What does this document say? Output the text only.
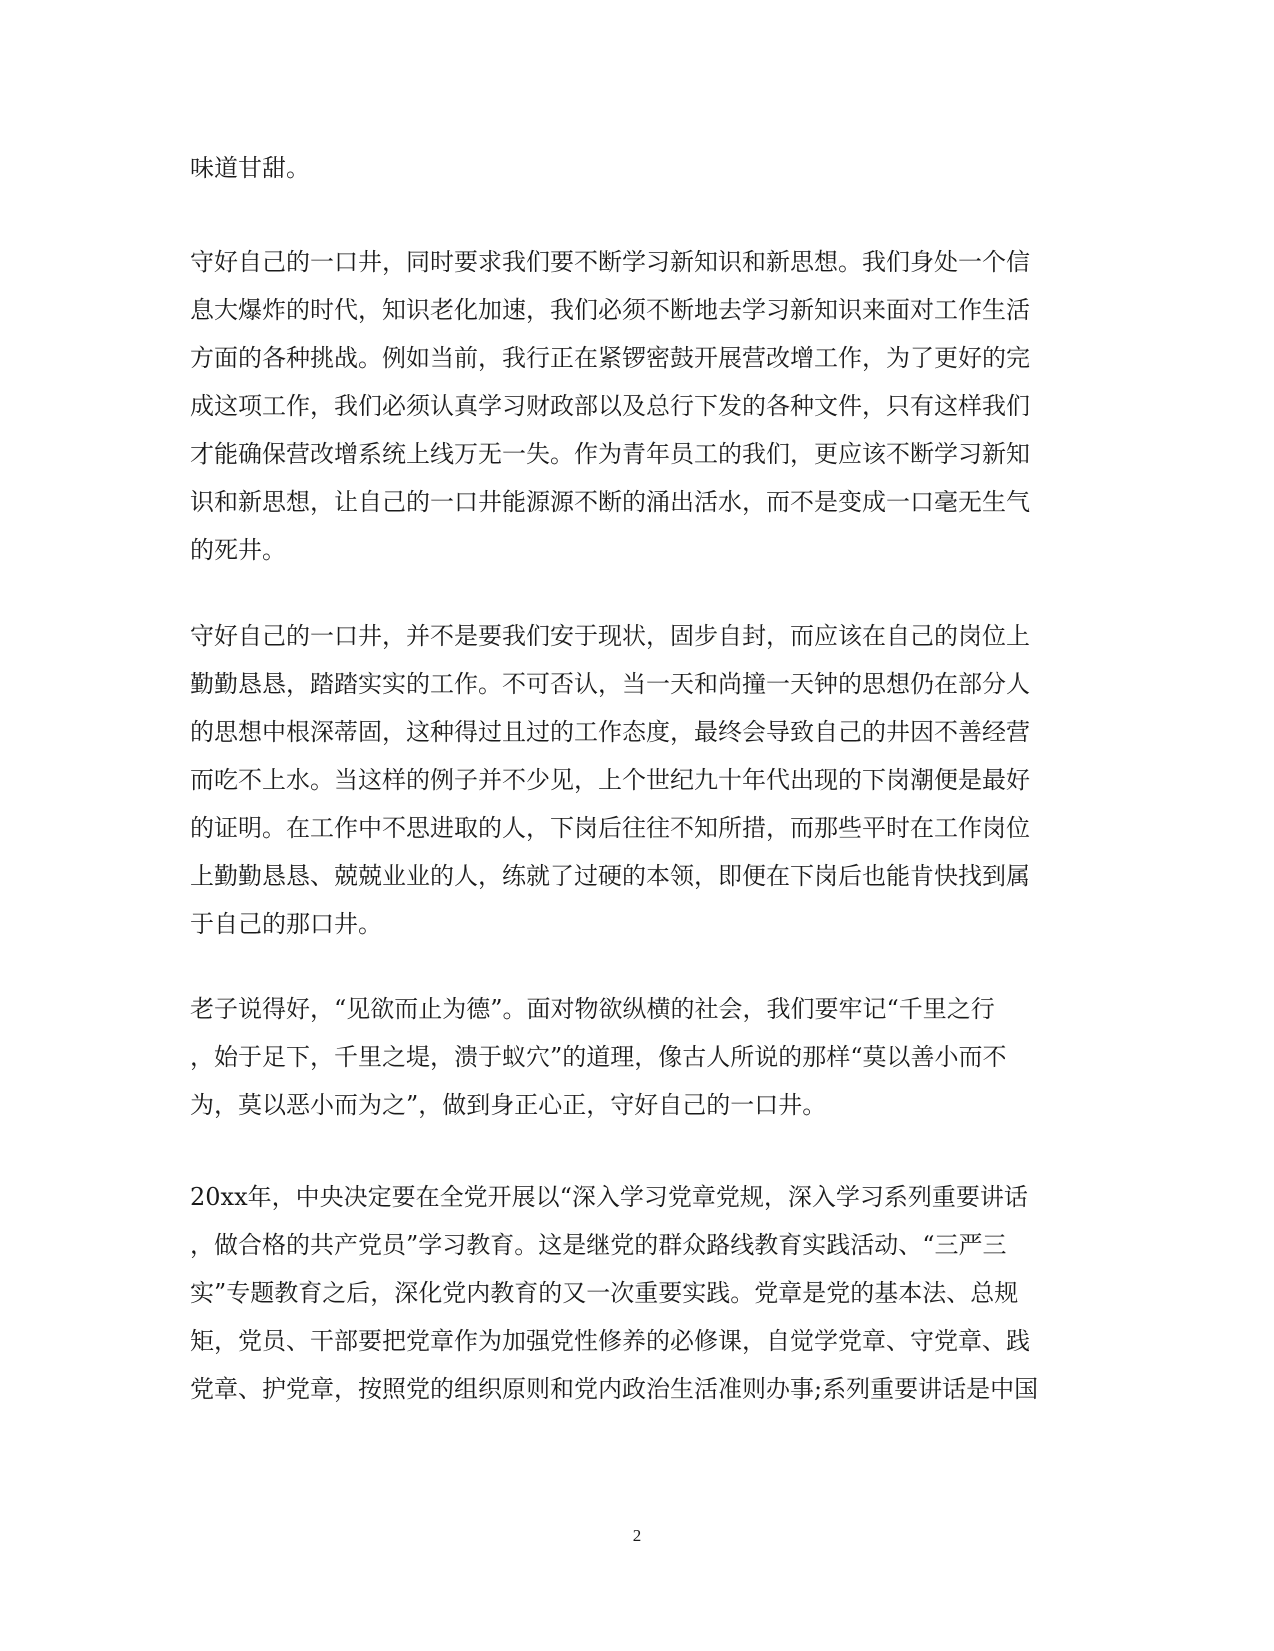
味道甘甜。
守好自己的一口井，同时要求我们要不断学习新知识和新思想。我们身处一个信
息大爆炸的时代，知识老化加速，我们必须不断地去学习新知识来面对工作生活
方面的各种挑战。例如当前，我行正在紧锣密鼓开展营改增工作，为了更好的完
成这项工作，我们必须认真学习财政部以及总行下发的各种文件，只有这样我们
才能确保营改增系统上线万无一失。作为青年员工的我们，更应该不断学习新知
识和新思想，让自己的一口井能源源不断的涌出活水，而不是变成一口毫无生气
的死井。
守好自己的一口井，并不是要我们安于现状，固步自封，而应该在自己的岗位上
勤勤恳恳，踏踏实实的工作。不可否认，当一天和尚撞一天钟的思想仍在部分人
的思想中根深蒂固，这种得过且过的工作态度，最终会导致自己的井因不善经营
而吃不上水。当这样的例子并不少见，上个世纪九十年代出现的下岗潮便是最好
的证明。在工作中不思进取的人，下岗后往往不知所措，而那些平时在工作岗位
上勤勤恳恳、兢兢业业的人，练就了过硬的本领，即便在下岗后也能肯快找到属
于自己的那口井。
老子说得好，“见欲而止为德”。面对物欲纵横的社会，我们要牢记“千里之行
，始于足下，千里之堤，溃于蚁穴”的道理，像古人所说的那样“莫以善小而不
为，莫以恶小而为之”，做到身正心正，守好自己的一口井。
20xx年，中央决定要在全党开展以“深入学习党章党规，深入学习系列重要讲话
，做合格的共产党员”学习教育。这是继党的群众路线教育实践活动、“三严三
实”专题教育之后，深化党内教育的又一次重要实践。党章是党的基本法、总规
矩，党员、干部要把党章作为加强党性修养的必修课，自觉学党章、守党章、践
党章、护党章，按照党的组织原则和党内政治生活准则办事;系列重要讲话是中国
2
